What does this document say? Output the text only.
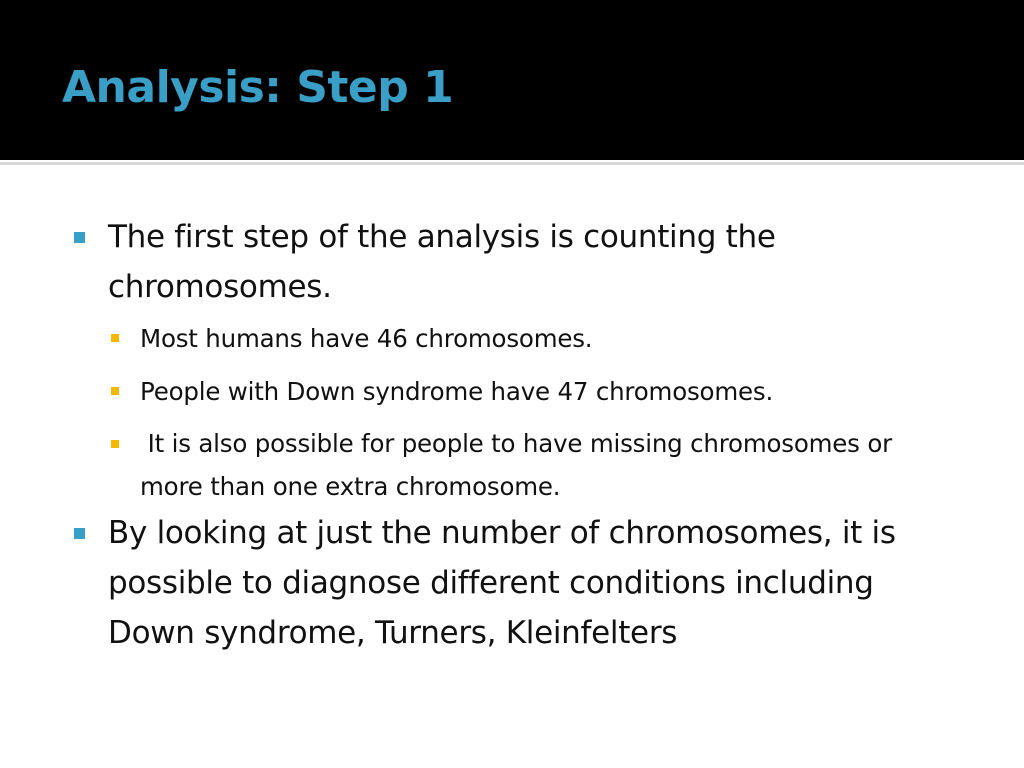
Analysis: Step 1
The first step of the analysis is counting the chromosomes.
Most humans have 46 chromosomes.
People with Down syndrome have 47 chromosomes.
It is also possible for people to have missing chromosomes or more than one extra chromosome.
By looking at just the number of chromosomes, it is possible to diagnose different conditions including Down syndrome, Turners, Kleinfelters
